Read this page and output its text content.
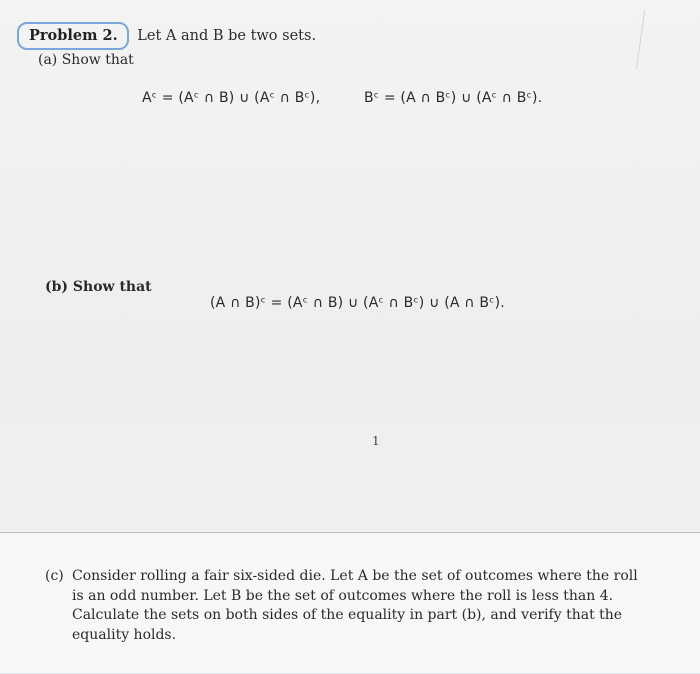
Problem 2. Let A and B be two sets.
(a) Show that
Aᶜ = (Aᶜ ∩ B) ∪ (Aᶜ ∩ Bᶜ),	Bᶜ = (A ∩ Bᶜ) ∪ (Aᶜ ∩ Bᶜ).
(b) Show that
(A ∩ B)ᶜ = (Aᶜ ∩ B) ∪ (Aᶜ ∩ Bᶜ) ∪ (A ∩ Bᶜ).
1
(c) Consider rolling a fair six-sided die. Let A be the set of outcomes where the roll
is an odd number. Let B be the set of outcomes where the roll is less than 4.
Calculate the sets on both sides of the equality in part (b), and verify that the
equality holds.
